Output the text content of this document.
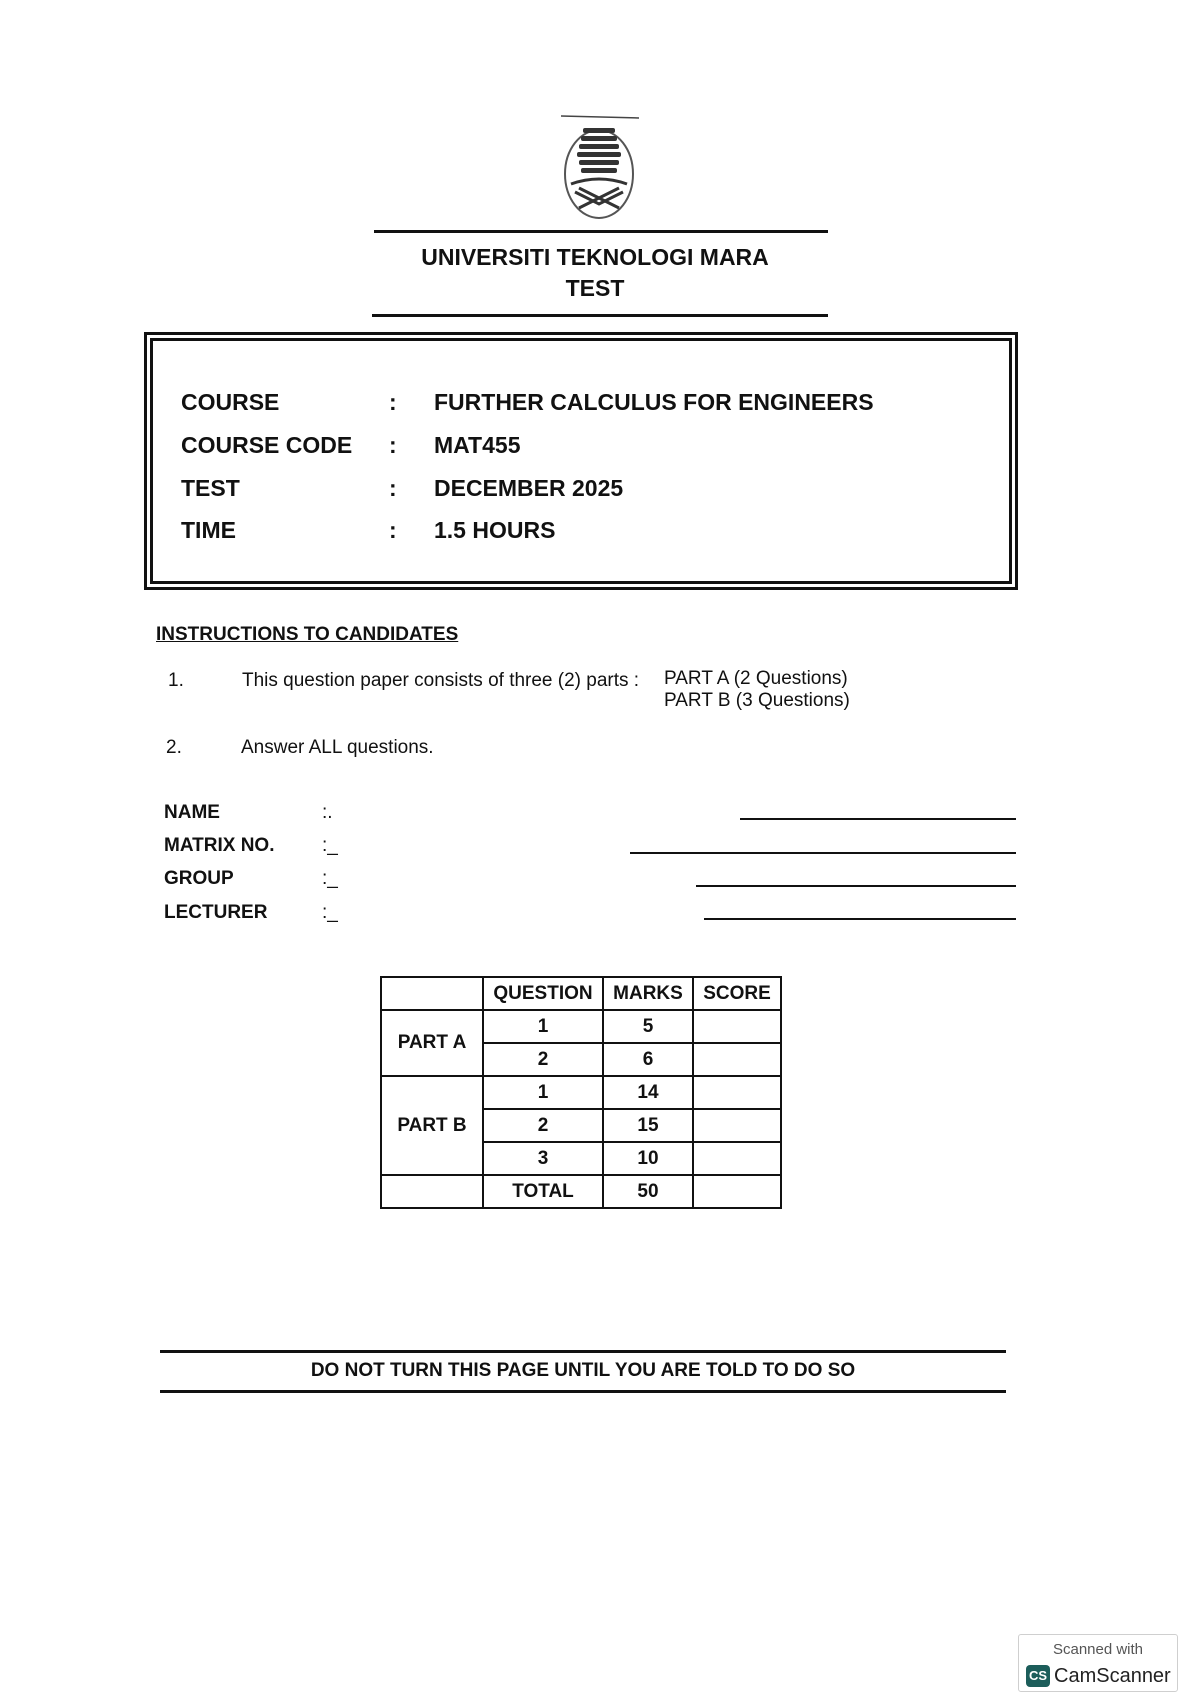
UNIVERSITI TEKNOLOGI MARA
TEST
COURSE	: FURTHER CALCULUS FOR ENGINEERS
COURSE CODE	: MAT455
TEST	: DECEMBER 2025
TIME	: 1.5 HOURS
INSTRUCTIONS TO CANDIDATES
1.	This question paper consists of three (2) parts : PART A (2 Questions)
PART B (3 Questions)
2.	Answer ALL questions.
NAME	:.
MATRIX NO.	:_
GROUP	:_
LECTURER	:_
	QUESTION	MARKS	SCORE
PART A	1	5	
	2	6	
PART B	1	14	
	2	15	
	3	10	
	TOTAL	50	
DO NOT TURN THIS PAGE UNTIL YOU ARE TOLD TO DO SO
Scanned with
CS CamScanner
